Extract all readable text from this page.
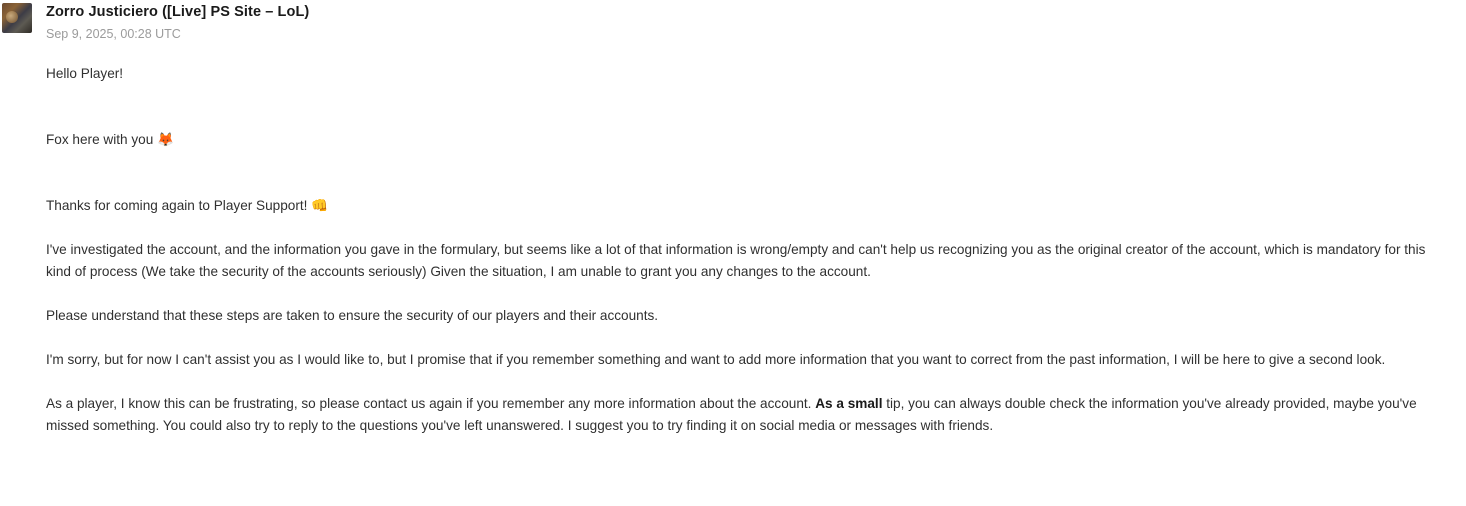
Zorro Justiciero ([Live] PS Site – LoL)
Sep 9, 2025, 00:28 UTC

Hello Player!

Fox here with you 🦊

Thanks for coming again to Player Support! 👊

I've investigated the account, and the information you gave in the formulary, but seems like a lot of that information is wrong/empty and can't help us recognizing you as the original creator of the account, which is mandatory for this kind of process (We take the security of the accounts seriously) Given the situation, I am unable to grant you any changes to the account.

Please understand that these steps are taken to ensure the security of our players and their accounts.

I'm sorry, but for now I can't assist you as I would like to, but I promise that if you remember something and want to add more information that you want to correct from the past information, I will be here to give a second look.

As a player, I know this can be frustrating, so please contact us again if you remember any more information about the account. As a small tip, you can always double check the information you've already provided, maybe you've missed something. You could also try to reply to the questions you've left unanswered. I suggest you to try finding it on social media or messages with friends.
